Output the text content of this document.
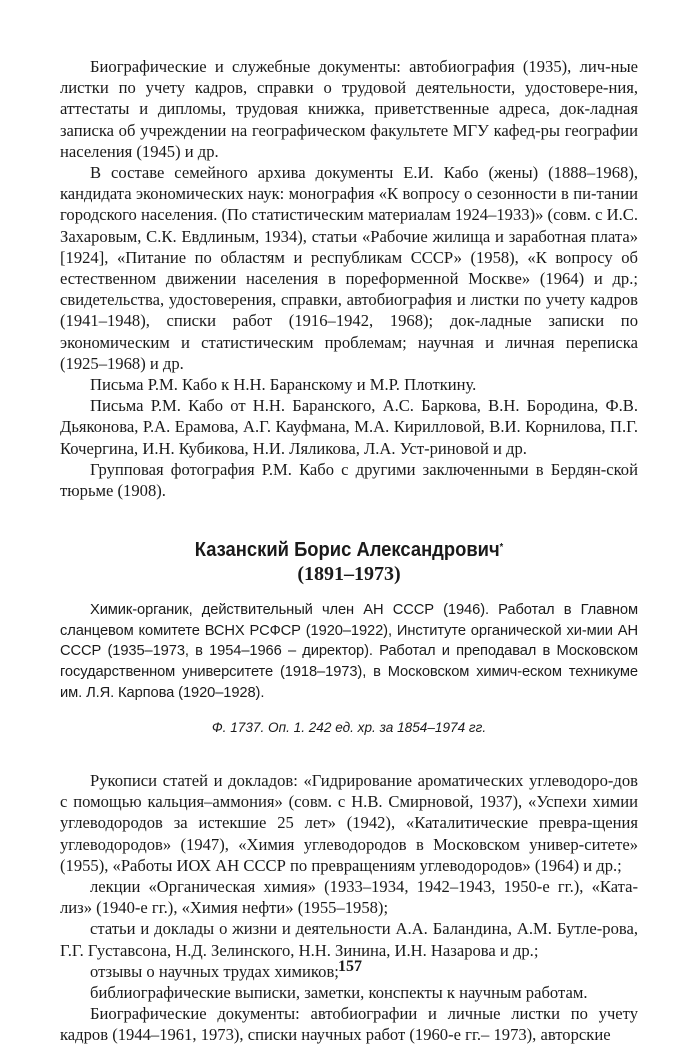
Биографические и служебные документы: автобиография (1935), лич-ные листки по учету кадров, справки о трудовой деятельности, удостовере-ния, аттестаты и дипломы, трудовая книжка, приветственные адреса, док-ладная записка об учреждении на географическом факультете МГУ кафед-ры географии населения (1945) и др.

В составе семейного архива документы Е.И. Кабо (жены) (1888–1968), кандидата экономических наук: монография «К вопросу о сезонности в пи-тании городского населения. (По статистическим материалам 1924–1933)» (совм. с И.С. Захаровым, С.К. Евдлиным, 1934), статьи «Рабочие жилища и заработная плата» [1924], «Питание по областям и республикам СССР» (1958), «К вопросу об естественном движении населения в пореформенной Москве» (1964) и др.; свидетельства, удостоверения, справки, автобиография и листки по учету кадров (1941–1948), списки работ (1916–1942, 1968); док-ладные записки по экономическим и статистическим проблемам; научная и личная переписка (1925–1968) и др.

Письма Р.М. Кабо к Н.Н. Баранскому и М.Р. Плоткину.

Письма Р.М. Кабо от Н.Н. Баранского, А.С. Баркова, В.Н. Бородина, Ф.В. Дьяконова, Р.А. Ерамова, А.Г. Кауфмана, М.А. Кирилловой, В.И. Корнилова, П.Г. Кочергина, И.Н. Кубикова, Н.И. Ляликова, Л.А. Уст-риновой и др.

Групповая фотография Р.М. Кабо с другими заключенными в Бердян-ской тюрьме (1908).

Казанский Борис Александрович*

(1891–1973)

Химик-органик, действительный член АН СССР (1946). Работал в Главном сланцевом комитете ВСНХ РСФСР (1920–1922), Институте органической хи-мии АН СССР (1935–1973, в 1954–1966 – директор). Работал и преподавал в Московском государственном университете (1918–1973), в Московском химич-еском техникуме им. Л.Я. Карпова (1920–1928).

Ф. 1737. Оп. 1. 242 ед. хр. за 1854–1974 гг.

Рукописи статей и докладов: «Гидрирование ароматических углеводоро-дов с помощью кальция–аммония» (совм. с Н.В. Смирновой, 1937), «Успехи химии углеводородов за истекшие 25 лет» (1942), «Каталитические превра-щения углеводородов» (1947), «Химия углеводородов в Московском универ-ситете» (1955), «Работы ИОХ АН СССР по превращениям углеводородов» (1964) и др.;

лекции «Органическая химия» (1933–1934, 1942–1943, 1950-е гг.), «Ката-лиз» (1940-е гг.), «Химия нефти» (1955–1958);

статьи и доклады о жизни и деятельности А.А. Баландина, А.М. Бутле-рова, Г.Г. Густавсона, Н.Д. Зелинского, Н.Н. Зинина, И.Н. Назарова и др.;

отзывы о научных трудах химиков;

библиографические выписки, заметки, конспекты к научным работам.

Биографические документы: автобиографии и личные листки по учету кадров (1944–1961, 1973), списки научных работ (1960-е гг.– 1973), авторские

157
